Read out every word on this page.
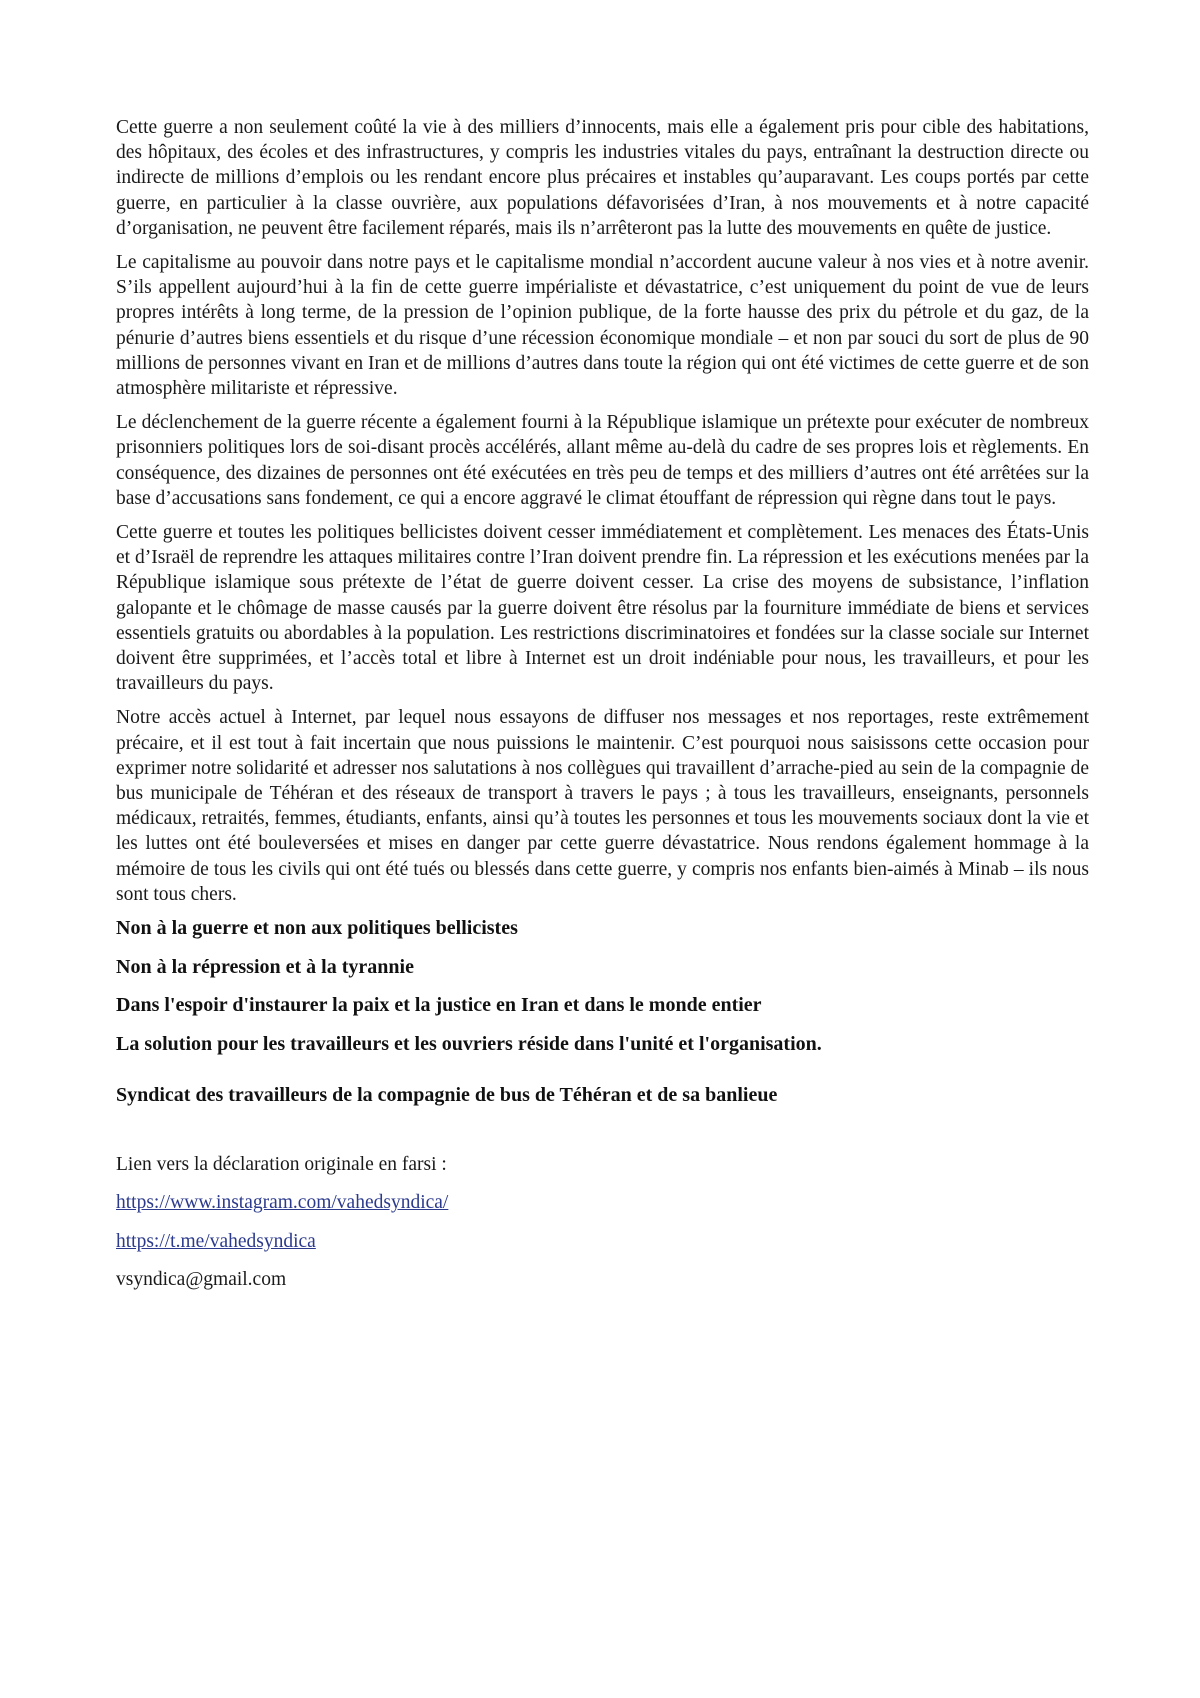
Cette guerre a non seulement coûté la vie à des milliers d’innocents, mais elle a également pris pour cible des habitations, des hôpitaux, des écoles et des infrastructures, y compris les industries vitales du pays, entraînant la destruction directe ou indirecte de millions d’emplois ou les rendant encore plus précaires et instables qu’auparavant. Les coups portés par cette guerre, en particulier à la classe ouvrière, aux populations défavorisées d’Iran, à nos mouvements et à notre capacité d’organisation, ne peuvent être facilement réparés, mais ils n’arrêteront pas la lutte des mouvements en quête de justice.

Le capitalisme au pouvoir dans notre pays et le capitalisme mondial n’accordent aucune valeur à nos vies et à notre avenir. S’ils appellent aujourd’hui à la fin de cette guerre impérialiste et dévastatrice, c’est uniquement du point de vue de leurs propres intérêts à long terme, de la pression de l’opinion publique, de la forte hausse des prix du pétrole et du gaz, de la pénurie d’autres biens essentiels et du risque d’une récession économique mondiale – et non par souci du sort de plus de 90 millions de personnes vivant en Iran et de millions d’autres dans toute la région qui ont été victimes de cette guerre et de son atmosphère militariste et répressive.

Le déclenchement de la guerre récente a également fourni à la République islamique un prétexte pour exécuter de nombreux prisonniers politiques lors de soi-disant procès accélérés, allant même au-delà du cadre de ses propres lois et règlements. En conséquence, des dizaines de personnes ont été exécutées en très peu de temps et des milliers d’autres ont été arrêtées sur la base d’accusations sans fondement, ce qui a encore aggravé le climat étouffant de répression qui règne dans tout le pays.

Cette guerre et toutes les politiques bellicistes doivent cesser immédiatement et complètement. Les menaces des États-Unis et d’Israël de reprendre les attaques militaires contre l’Iran doivent prendre fin. La répression et les exécutions menées par la République islamique sous prétexte de l’état de guerre doivent cesser. La crise des moyens de subsistance, l’inflation galopante et le chômage de masse causés par la guerre doivent être résolus par la fourniture immédiate de biens et services essentiels gratuits ou abordables à la population. Les restrictions discriminatoires et fondées sur la classe sociale sur Internet doivent être supprimées, et l’accès total et libre à Internet est un droit indéniable pour nous, les travailleurs, et pour les travailleurs du pays.

Notre accès actuel à Internet, par lequel nous essayons de diffuser nos messages et nos reportages, reste extrêmement précaire, et il est tout à fait incertain que nous puissions le maintenir. C’est pourquoi nous saisissons cette occasion pour exprimer notre solidarité et adresser nos salutations à nos collègues qui travaillent d’arrache-pied au sein de la compagnie de bus municipale de Téhéran et des réseaux de transport à travers le pays ; à tous les travailleurs, enseignants, personnels médicaux, retraités, femmes, étudiants, enfants, ainsi qu’à toutes les personnes et tous les mouvements sociaux dont la vie et les luttes ont été bouleversées et mises en danger par cette guerre dévastatrice. Nous rendons également hommage à la mémoire de tous les civils qui ont été tués ou blessés dans cette guerre, y compris nos enfants bien-aimés à Minab – ils nous sont tous chers.

Non à la guerre et non aux politiques bellicistes

Non à la répression et à la tyrannie

Dans l'espoir d'instaurer la paix et la justice en Iran et dans le monde entier

La solution pour les travailleurs et les ouvriers réside dans l'unité et l'organisation.

Syndicat des travailleurs de la compagnie de bus de Téhéran et de sa banlieue

Lien vers la déclaration originale en farsi :

https://www.instagram.com/vahedsyndica/
https://t.me/vahedsyndica

vsyndica@gmail.com
